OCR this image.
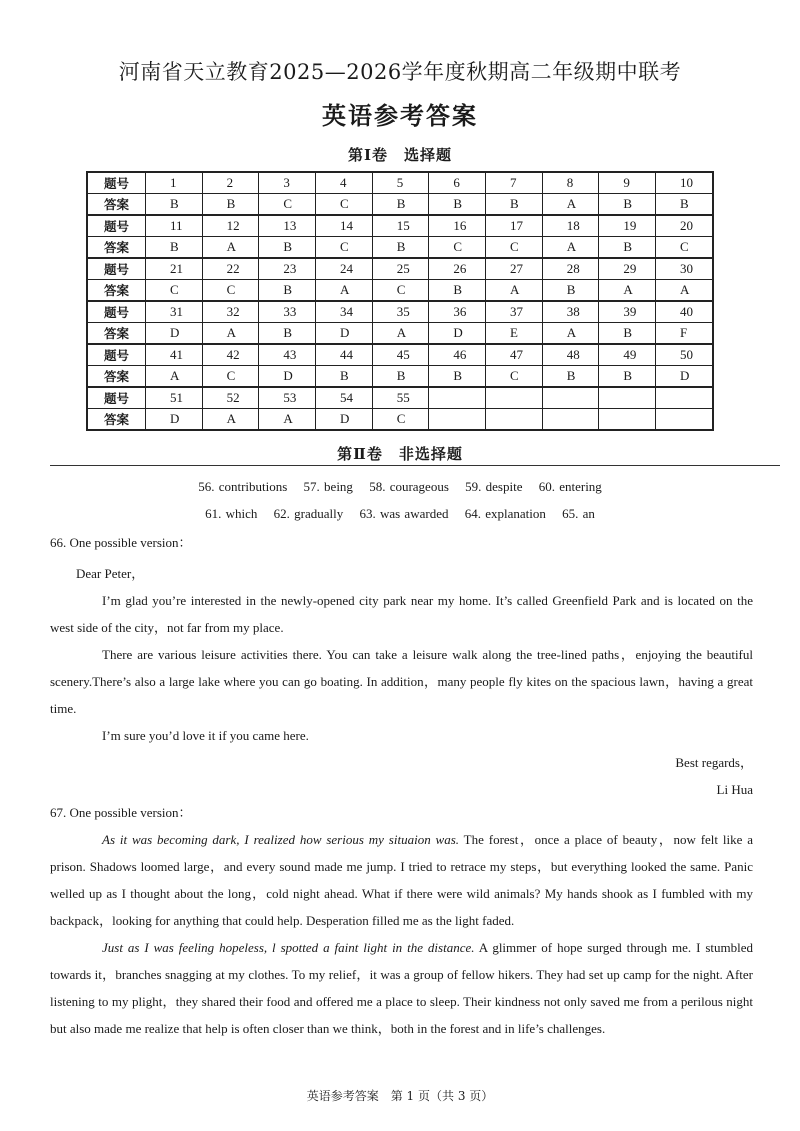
河南省天立教育2025—2026学年度秋期高二年级期中联考
英语参考答案
第Ⅰ卷　选择题
题号	1	2	3	4	5	6	7	8	9	10
答案	B	B	C	C	B	B	B	A	B	B
题号	11	12	13	14	15	16	17	18	19	20
答案	B	A	B	C	B	C	C	A	B	C
题号	21	22	23	24	25	26	27	28	29	30
答案	C	C	B	A	C	B	A	B	A	A
题号	31	32	33	34	35	36	37	38	39	40
答案	D	A	B	D	A	D	E	A	B	F
题号	41	42	43	44	45	46	47	48	49	50
答案	A	C	D	B	B	B	C	B	B	D
题号	51	52	53	54	55					
答案	D	A	A	D	C					
第Ⅱ卷　非选择题
56. contributions 57. being 58. courageous 59. despite 60. entering
61. which 62. gradually 63. was awarded 64. explanation 65. an
66. One possible version：

Dear Peter，

I’m glad you’re interested in the newly-opened city park near my home. It’s called Greenfield Park and is located on the west side of the city，not far from my place.

There are various leisure activities there. You can take a leisure walk along the tree-lined paths，enjoying the beautiful scenery.There’s also a large lake where you can go boating. In addition，many people fly kites on the spacious lawn，having a great time.

I’m sure you’d love it if you came here.

Best regards，

Li Hua

67. One possible version：

As it was becoming dark, I realized how serious my situaion was. The forest，once a place of beauty，now felt like a prison. Shadows loomed large，and every sound made me jump. I tried to retrace my steps，but everything looked the same. Panic welled up as I thought about the long，cold night ahead. What if there were wild animals? My hands shook as I fumbled with my backpack，looking for anything that could help. Desperation filled me as the light faded.

Just as I was feeling hopeless, l spotted a faint light in the distance. A glimmer of hope surged through me. I stumbled towards it，branches snagging at my clothes. To my relief，it was a group of fellow hikers. They had set up camp for the night. After listening to my plight，they shared their food and offered me a place to sleep. Their kindness not only saved me from a perilous night but also made me realize that help is often closer than we think，both in the forest and in life’s challenges.

英语参考答案　第 1 页（共 3 页）
